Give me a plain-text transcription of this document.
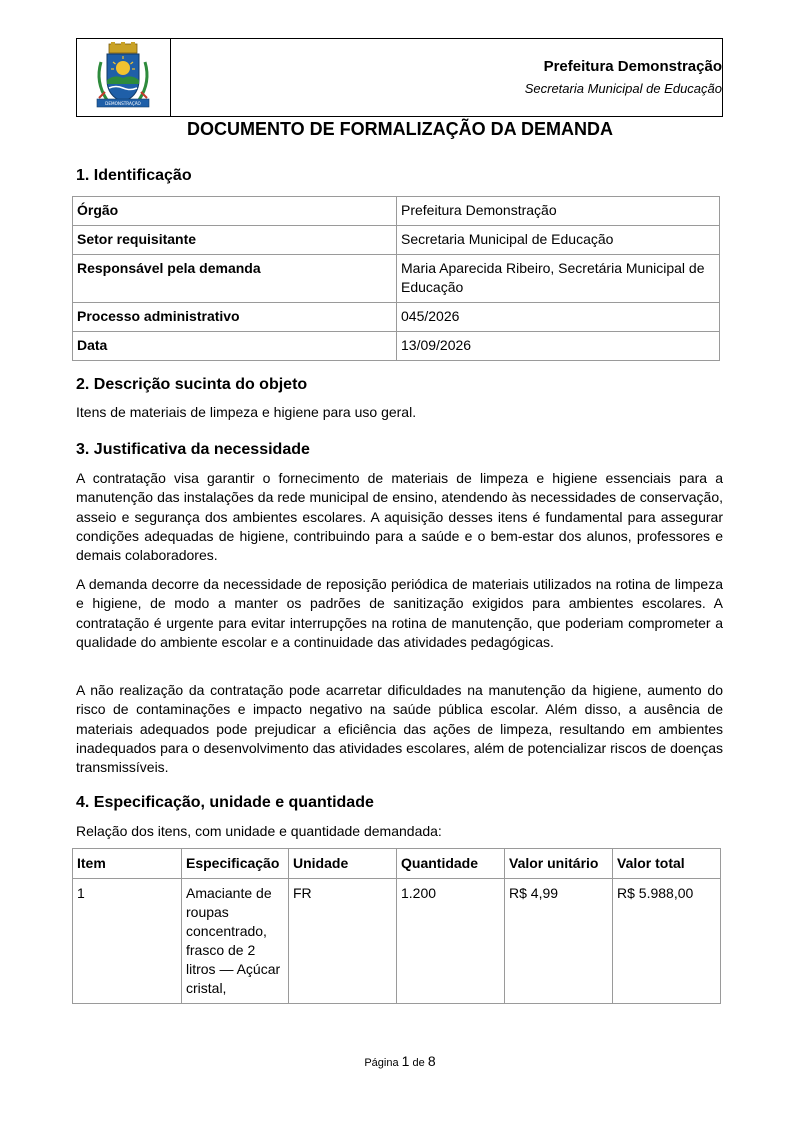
DEMONSTRAÇÃO
Prefeitura Demonstração
Secretaria Municipal de Educação
DOCUMENTO DE FORMALIZAÇÃO DA DEMANDA
1. Identificação
Órgão	Prefeitura Demonstração
Setor requisitante	Secretaria Municipal de Educação
Responsável pela demanda	Maria Aparecida Ribeiro, Secretária Municipal de Educação
Processo administrativo	045/2026
Data	13/09/2026
2. Descrição sucinta do objeto
Itens de materiais de limpeza e higiene para uso geral.
3. Justificativa da necessidade

A contratação visa garantir o fornecimento de materiais de limpeza e higiene essenciais para a manutenção das instalações da rede municipal de ensino, atendendo às necessidades de conservação, asseio e segurança dos ambientes escolares. A aquisição desses itens é fundamental para assegurar condições adequadas de higiene, contribuindo para a saúde e o bem-estar dos alunos, professores e demais colaboradores.

A demanda decorre da necessidade de reposição periódica de materiais utilizados na rotina de limpeza e higiene, de modo a manter os padrões de sanitização exigidos para ambientes escolares. A contratação é urgente para evitar interrupções na rotina de manutenção, que poderiam comprometer a qualidade do ambiente escolar e a continuidade das atividades pedagógicas.

A não realização da contratação pode acarretar dificuldades na manutenção da higiene, aumento do risco de contaminações e impacto negativo na saúde pública escolar. Além disso, a ausência de materiais adequados pode prejudicar a eficiência das ações de limpeza, resultando em ambientes inadequados para o desenvolvimento das atividades escolares, além de potencializar riscos de doenças transmissíveis.

4. Especificação, unidade e quantidade
Relação dos itens, com unidade e quantidade demandada:
Item	Especificação	Unidade	Quantidade	Valor unitário	Valor total
1	Amaciante de roupas concentrado, frasco de 2 litros — Açúcar cristal,	FR	1.200	R$ 4,99	R$ 5.988,00
Página 1 de 8
